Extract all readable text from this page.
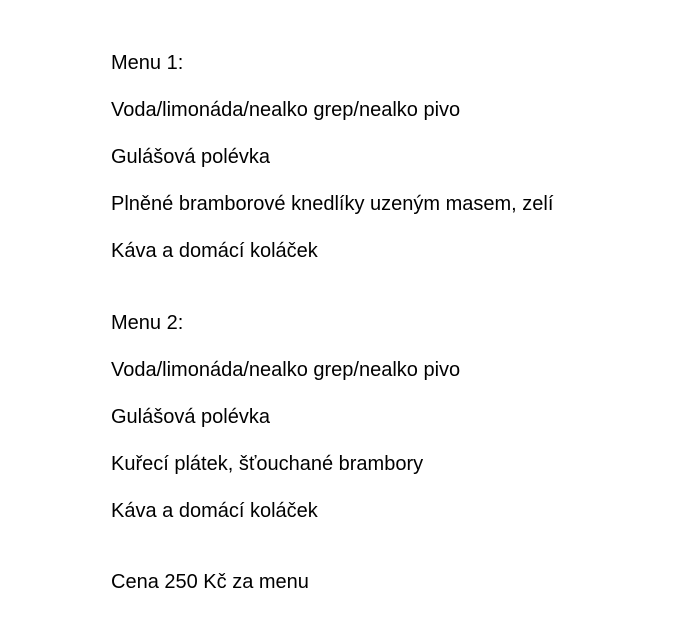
Menu 1:
Voda/limonáda/nealko grep/nealko pivo
Gulášová polévka
Plněné bramborové knedlíky uzeným masem, zelí
Káva a domácí koláček
Menu 2:
Voda/limonáda/nealko grep/nealko pivo
Gulášová polévka
Kuřecí plátek, šťouchané brambory
Káva a domácí koláček
Cena 250 Kč za menu
